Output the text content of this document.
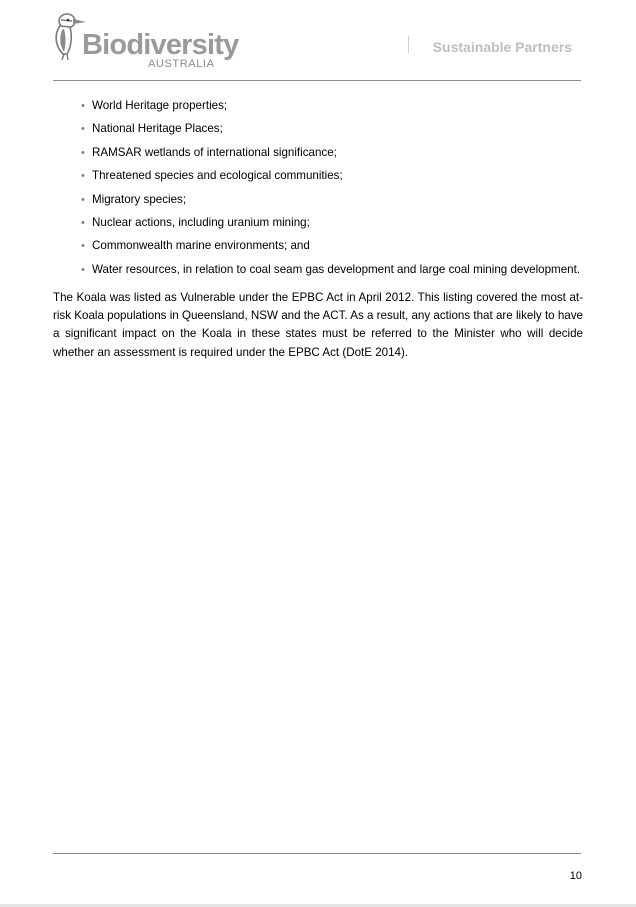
Biodiversity
AUSTRALIA
Sustainable Partners
• World Heritage properties;
• National Heritage Places;
• RAMSAR wetlands of international significance;
• Threatened species and ecological communities;
• Migratory species;
• Nuclear actions, including uranium mining;
• Commonwealth marine environments; and
• Water resources, in relation to coal seam gas development and large coal mining development.

The Koala was listed as Vulnerable under the EPBC Act in April 2012. This listing covered the most at-risk Koala populations in Queensland, NSW and the ACT. As a result, any actions that are likely to have a significant impact on the Koala in these states must be referred to the Minister who will decide whether an assessment is required under the EPBC Act (DotE 2014).

10
